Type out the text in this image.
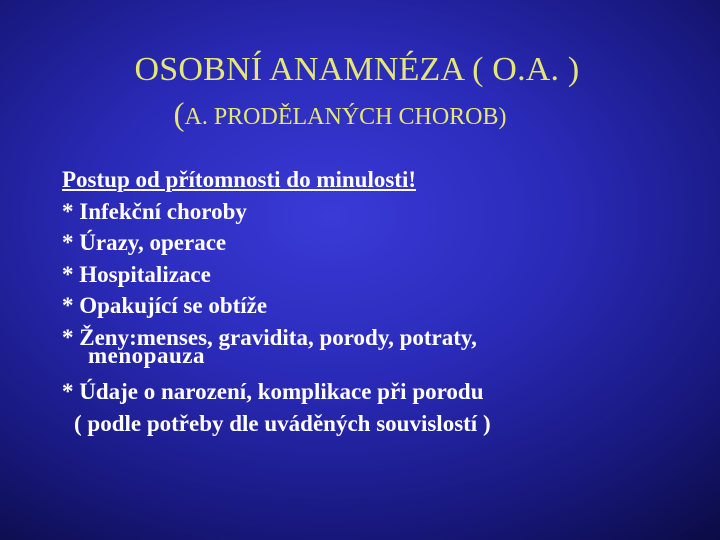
OSOBNÍ ANAMNÉZA ( O.A. )
(A. PRODĚLANÝCH CHOROB)
Postup od přítomnosti do minulosti!
* Infekční choroby
* Úrazy, operace
* Hospitalizace
* Opakující se obtíže
* Ženy:menses, gravidita, porody, potraty,
menopauza
* Údaje o narození, komplikace při porodu
( podle potřeby dle uváděných souvislostí )
